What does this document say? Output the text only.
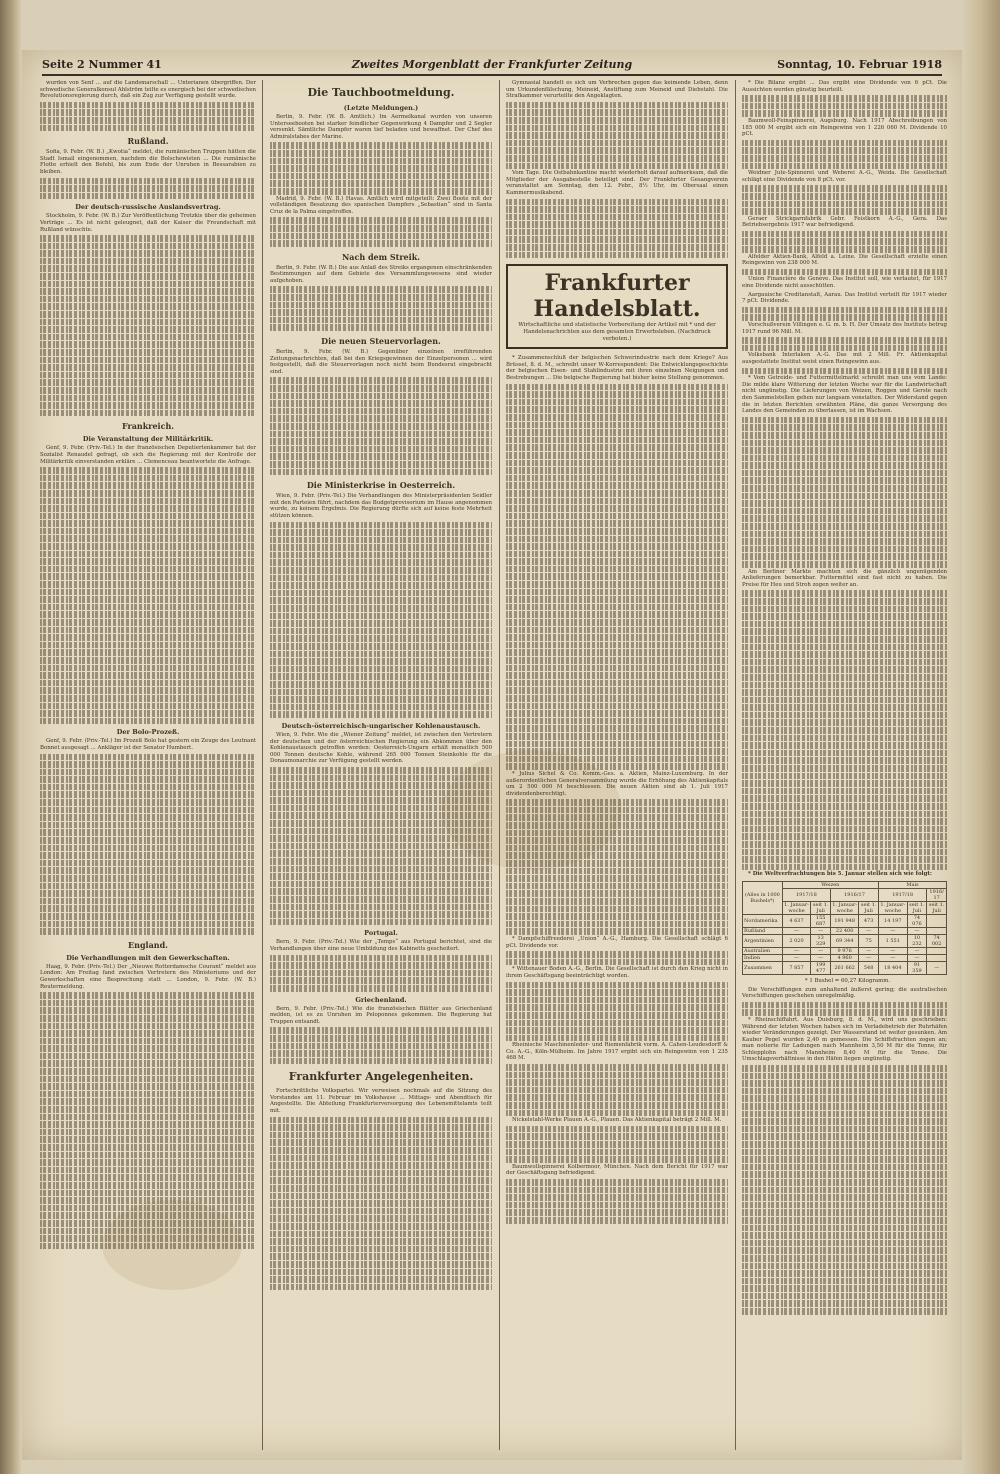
Seite 2 Nummer 41	Zweites Morgenblatt der Frankfurter Zeitung	Sonntag, 10. Februar 1918

wurden von Senf ... auf die Landsmarschall ... Unterianen übergriffen. Der schwedische Generalkonsul Ahlström teilte es energisch bei der schwedischen Revolutionsregierung durch, daß ein Zug zur Verfügung gestellt wurde.

Rußland.

Sofia, 9. Febr. (W. B.) „Kwotia“ meldet, die rumänischen Truppen hätten die Stadt Ismail eingenommen, nachdem die Bolschewisten ... Die rumänische Flotte erhielt den Befehl, bis zum Ende der Unruhen in Bessarabien zu bleiben.

Der deutsch-russische Auslandsvertrag.

Stockholm, 9. Febr. (W. B.) Zur Veröffentlichung Trotzkis über die geheimen Verträge ... Es ist nicht geleugnet, daß der Kaiser die Freundschaft mit Rußland wünschte.

Frankreich.
Die Veranstaltung der Militärkritik.

Genf, 9. Febr. (Priv.-Tel.) In der französischen Deputiertenkammer hat der Sozialist Renaudel gefragt, ob sich die Regierung mit der Kontrolle der Militärkritik einverstanden erkläre ... Clemenceau beantwortete die Anfrage.

Der Bolo-Prozeß.

Genf, 9. Febr. (Priv.-Tel.) Im Prozeß Bolo hat gestern ein Zeuge des Leutnant Bonnet ausgesagt ... Ankläger ist der Senator Humbert.

England.
Die Verhandlungen mit den Gewerkschaften.

Haag, 9. Febr. (Priv.-Tel.) Der „Nieuwe Rotterdamsche Courant“ meldet aus London: Am Freitag fand zwischen Vertretern des Ministeriums und der Gewerkschaften eine Besprechung statt ... London, 9. Febr. (W. B.) Reutermeldung.

Die Tauchbootmeldung.
(Letzte Meldungen.)

Berlin, 9. Febr. (W. B. Amtlich.) Im Aermelkanal wurden von unseren Unterseebooten bei starker feindlicher Gegenwirkung 4 Dampfer und 2 Segler versenkt. Sämtliche Dampfer waren tief beladen und bewaffnet. Der Chef des Admiralstabes der Marine.

Madrid, 9. Febr. (W. B.) Havas. Amtlich wird mitgeteilt: Zwei Boote mit der vollständigen Besatzung des spanischen Dampfers „Sebastian“ sind in Santa Cruz de la Palma eingetroffen.

Nach dem Streik.

Berlin, 9. Febr. (W. B.) Die aus Anlaß des Streiks ergangenen einschränkenden Bestimmungen auf dem Gebiete des Versammlungswesens sind wieder aufgehoben.

Die neuen Steuervorlagen.

Berlin, 9. Febr. (W. B.) Gegenüber einzelnen irreführenden Zeitungsnachrichten, daß bei den Kriegsgewinnen der Einzelpersonen ... wird festgestellt, daß die Steuervorlagen noch nicht beim Bundesrat eingebracht sind.

Die Ministerkrise in Oesterreich.

Wien, 9. Febr. (Priv.-Tel.) Die Verhandlungen des Ministerpräsidenten Seidler mit den Parteien führt, nachdem das Budgetprovisorium im Hause angenommen wurde, zu keinem Ergebnis. Die Regierung dürfte sich auf keine feste Mehrheit stützen können.

Deutsch-österreichisch-ungarischer Kohlenaustausch.

Wien, 9. Febr. Wie die „Wiener Zeitung“ meldet, ist zwischen den Vertretern der deutschen und der österreichischen Regierung ein Abkommen über den Kohlenaustausch getroffen worden: Oesterreich-Ungarn erhält monatlich 500 000 Tonnen deutsche Kohle, während 265 000 Tonnen Steinkohle für die Donaumonarchie zur Verfügung gestellt werden.

Portugal.

Bern, 9. Febr. (Priv.-Tel.) Wie der „Temps“ aus Portugal berichtet, sind die Verhandlungen über eine neue Umbildung des Kabinetts gescheitert.

Griechenland.

Bern, 9. Febr. (Priv.-Tel.) Wie die französischen Blätter aus Griechenland melden, ist es zu Unruhen im Peloponnes gekommen. Die Regierung hat Truppen entsandt.

Frankfurter Angelegenheiten.

Fortschrittliche Volkspartei. Wir verweisen nochmals auf die Sitzung des Vorstandes am 11. Februar im Volkshause ... Mittags- und Abendtisch für Angestellte. Die Abteilung Frankfurterversorgung des Lebensmittelamts teilt mit.

Gymnasial handelt es sich um Verbrechen gegen das keimende Leben, denn um Urkundenfälschung, Meineid, Anstiftung zum Meineid und Diebstahl. Die Strafkammer verurteilte den Angeklagten.

Vom Tage. Die Ostbahnkantine macht wiederholt darauf aufmerksam, daß die Mitglieder der Ausgabestelle beteiligt sind. Der Frankfurter Gesangverein veranstaltet am Sonntag, den 12. Febr., 8½ Uhr, im Obersaal einen Kammermusikabend.

Frankfurter Handelsblatt.
Wirtschaftliche und statistische Vorbereitung der Artikel mit * und der Handelsnachrichten aus dem gesamten Erwerbsleben. (Nachdruck verboten.)

* Zusammenschluß der belgischen Schwerindustrie nach dem Kriege? Aus Brüssel, 8. d. M., schreibt unser W-Korrespondent: Die Entwicklungsgeschichte der belgischen Eisen- und Stahlindustrie mit ihren einzelnen Neigungen und Bestrebungen ... Die belgische Regierung hat bisher keine Stellung genommen.

* Julius Sichel & Co. Komm.-Ges. a. Aktien, Mainz-Luxemburg. In der außerordentlichen Generalversammlung wurde die Erhöhung des Aktienkapitals um 2 500 000 M beschlossen. Die neuen Aktien sind ab 1. Juli 1917 dividendenberechtigt.

* Dampfschiffreederei „Union“ A.-G., Hamburg. Die Gesellschaft schlägt 6 pCt. Dividende vor.

* Wittenauer Boden A.-G., Berlin. Die Gesellschaft ist durch den Krieg nicht in ihrem Geschäftsgang beeinträchtigt worden.

Rheinische Maschinenleder- und Riemenfabrik vorm. A. Cahen-Leudesdorff & Co. A.-G., Köln-Mülheim. Im Jahre 1917 ergibt sich ein Reingewinn von 1 235 468 M.

Nickelstahl-Werke Plauen A.-G., Plauen. Das Aktienkapital beträgt 2 Mill. M.

Baumwollspinnerei Kolbermoor, München. Nach dem Bericht für 1917 war der Geschäftsgang befriedigend.

* Die Bilanz ergibt ... Das ergibt eine Dividende von 6 pCt. Die Aussichten werden günstig beurteilt.

Baumwoll-Feinspinnerei, Augsburg. Nach 1917 Abschreibungen von 185 000 M ergibt sich ein Reingewinn von 1 226 060 M. Dividende 10 pCt.

Weidner Jute-Spinnerei und Weberei A.-G., Weida. Die Gesellschaft schlägt eine Dividende von 8 pCt. vor.

Geraer Strickgarnfabrik Gebr. Feistkorn A.-G., Gera. Das Betriebsergebnis 1917 war befriedigend.

Alfelder Aktien-Bank, Alfeld a. Leine. Die Gesellschaft erzielte einen Reingewinn von 238 000 M.

Union Financière de Genève. Das Institut soll, wie verlautet, für 1917 eine Dividende nicht ausschütten.

Aargauische Creditanstalt, Aarau. Das Institut verteilt für 1917 wieder 7 pCt. Dividende.

Vorschußverein Villingen e. G. m. b. H. Der Umsatz des Instituts betrug 1917 rund 96 Mill. M.

Volksbank Interlaken A.-G. Das mit 2 Mill. Fr. Aktienkapital ausgestattete Institut weist einen Reingewinn aus.

* Vom Getreide- und Futtermittelmarkt schreibt man uns vom Lande: Die milde klare Witterung der letzten Woche war für die Landwirtschaft nicht ungünstig. Die Lieferungen von Weizen, Roggen und Gerste nach den Sammelstellen gehen nur langsam vonstatten. Der Widerstand gegen die in letzten Berichten erwähnten Pläne, die ganze Versorgung des Landes den Gemeinden zu überlassen, ist im Wachsen.

Am Berliner Markte machten sich die gänzlich ungenügenden Anlieferungen bemerkbar. Futtermittel sind fast nicht zu haben. Die Preise für Heu und Stroh zogen weiter an.

* Die Weltverfrachtungen bis 5. Januar stellen sich wie folgt:

(Alles in 1000 Bushels*)	Weizen				Mais		
	1917/18		1916/17		1917/18		1916/17
	1. Januar-woche	seit 1. Juli	1. Januar-woche	seit 1. Juli	1. Januar-woche	seit 1. Juli	seit 1. Juli
Nordamerika	4 637	155 687	191 948	473	14 197	74 076	
Rußland	—	—	22 400	—	—	—	
Argentinien	2 020	13 329	69 344	75	1 551	10 232	74 002
Australien	—	—	9 976	—	—	—	
Indien	—	—	4 960	—	—	—	
Zusammen	7 857	199 477	261 662	548	18 404	91 359	—

* 1 Bushel = 60,27 Kilogramm.

Die Verschiffungen zum anhaltend äußerst gering; die australischen Verschiffungen geschehen unregelmäßig.

* Rheinschiffahrt. Aus Duisburg, 8. d. M., wird uns geschrieben: Während der letzten Wochen haben sich im Verladebetrieb der Ruhrhäfen wieder Veränderungen gezeigt. Der Wasserstand ist weiter gesunken. Am Kauber Pegel wurden 2,40 m gemessen. Die Schiffsfrachten zogen an; man notierte für Ladungen nach Mannheim 3,50 M für die Tonne, für Schlepplohn nach Mannheim 8,40 M für die Tonne. Die Umschlagsverhältnisse in den Häfen liegen ungünstig.
